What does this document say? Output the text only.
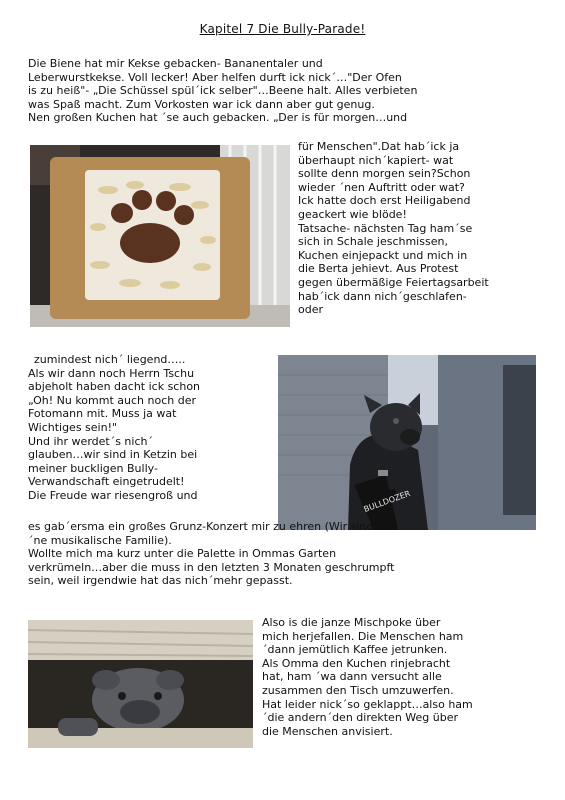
Kapitel 7 Die Bully-Parade!
Die Biene hat mir Kekse gebacken- Bananentaler und
Leberwurstkekse. Voll lecker! Aber helfen durft ick nick´…"Der Ofen
is zu heiß"- „Die Schüssel spül´ick selber"…Beene halt. Alles verbieten
was Spaß macht. Zum Vorkosten war ick dann aber gut genug.
Nen großen Kuchen hat ´se auch gebacken. „Der is für morgen…und
für Menschen".Dat hab´ick ja
überhaupt nich´kapiert- wat
sollte denn morgen sein?Schon
wieder ´nen Auftritt oder wat?
Ick hatte doch erst Heiligabend
geackert wie blöde!
Tatsache- nächsten Tag ham´se
sich in Schale jeschmissen,
Kuchen einjepackt und mich in
die Berta jehievt. Aus Protest
gegen übermäßige Feiertagsarbeit
hab´ick dann nich´geschlafen-
oder
zumindest nich´ liegend…..
Als wir dann noch Herrn Tschu
abjeholt haben dacht ick schon
„Oh! Nu kommt auch noch der
Fotomann mit. Muss ja wat
Wichtiges sein!"
Und ihr werdet´s nich´
glauben…wir sind in Ketzin bei
meiner buckligen Bully-
Verwandschaft eingetrudelt!
Die Freude war riesengroß und	BULLDOZER
es gab´ersma ein großes Grunz-Konzert mir zu ehren (Wir sind halt
´ne musikalische Familie).
Wollte mich ma kurz unter die Palette in Ommas Garten
verkrümeln…aber die muss in den letzten 3 Monaten geschrumpft
sein, weil irgendwie hat das nich´mehr gepasst.
Also is die janze Mischpoke über
mich herjefallen. Die Menschen ham
´dann jemütlich Kaffee jetrunken.
Als Omma den Kuchen rinjebracht
hat, ham ´wa dann versucht alle
zusammen den Tisch umzuwerfen.
Hat leider nick´so geklappt…also ham
´die andern´den direkten Weg über
die Menschen anvisiert.
